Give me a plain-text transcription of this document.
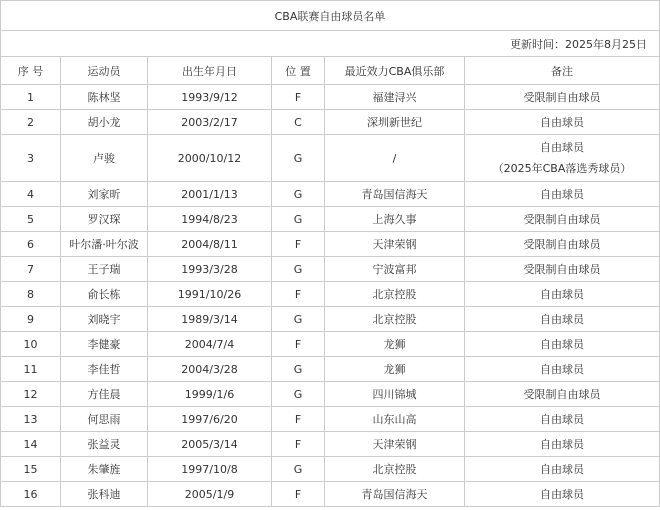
CBA联赛自由球员名单					
更新时间：2025年8月25日					
序 号	运动员	出生年月日	位 置	最近效力CBA俱乐部	备注
1	陈林坚	1993/9/12	F	福建浔兴	受限制自由球员
2	胡小龙	2003/2/17	C	深圳新世纪	自由球员
3	卢骏	2000/10/12	G	/	自由球员
（2025年CBA落选秀球员）

4	刘家昕	2001/1/13	G	青岛国信海天	自由球员
5	罗汉琛	1994/8/23	G	上海久事	受限制自由球员
6	叶尔潘·叶尔波	2004/8/11	F	天津荣钢	受限制自由球员
7	王子瑞	1993/3/28	G	宁波富邦	受限制自由球员
8	俞长栋	1991/10/26	F	北京控股	自由球员
9	刘晓宇	1989/3/14	G	北京控股	自由球员
10	李健豪	2004/7/4	F	龙狮	自由球员
11	李佳哲	2004/3/28	G	龙狮	自由球员
12	方佳晨	1999/1/6	G	四川锦城	受限制自由球员
13	何思雨	1997/6/20	F	山东山高	自由球员
14	张益灵	2005/3/14	F	天津荣钢	自由球员
15	朱肇旌	1997/10/8	G	北京控股	自由球员
16	张科迪	2005/1/9	F	青岛国信海天	自由球员
